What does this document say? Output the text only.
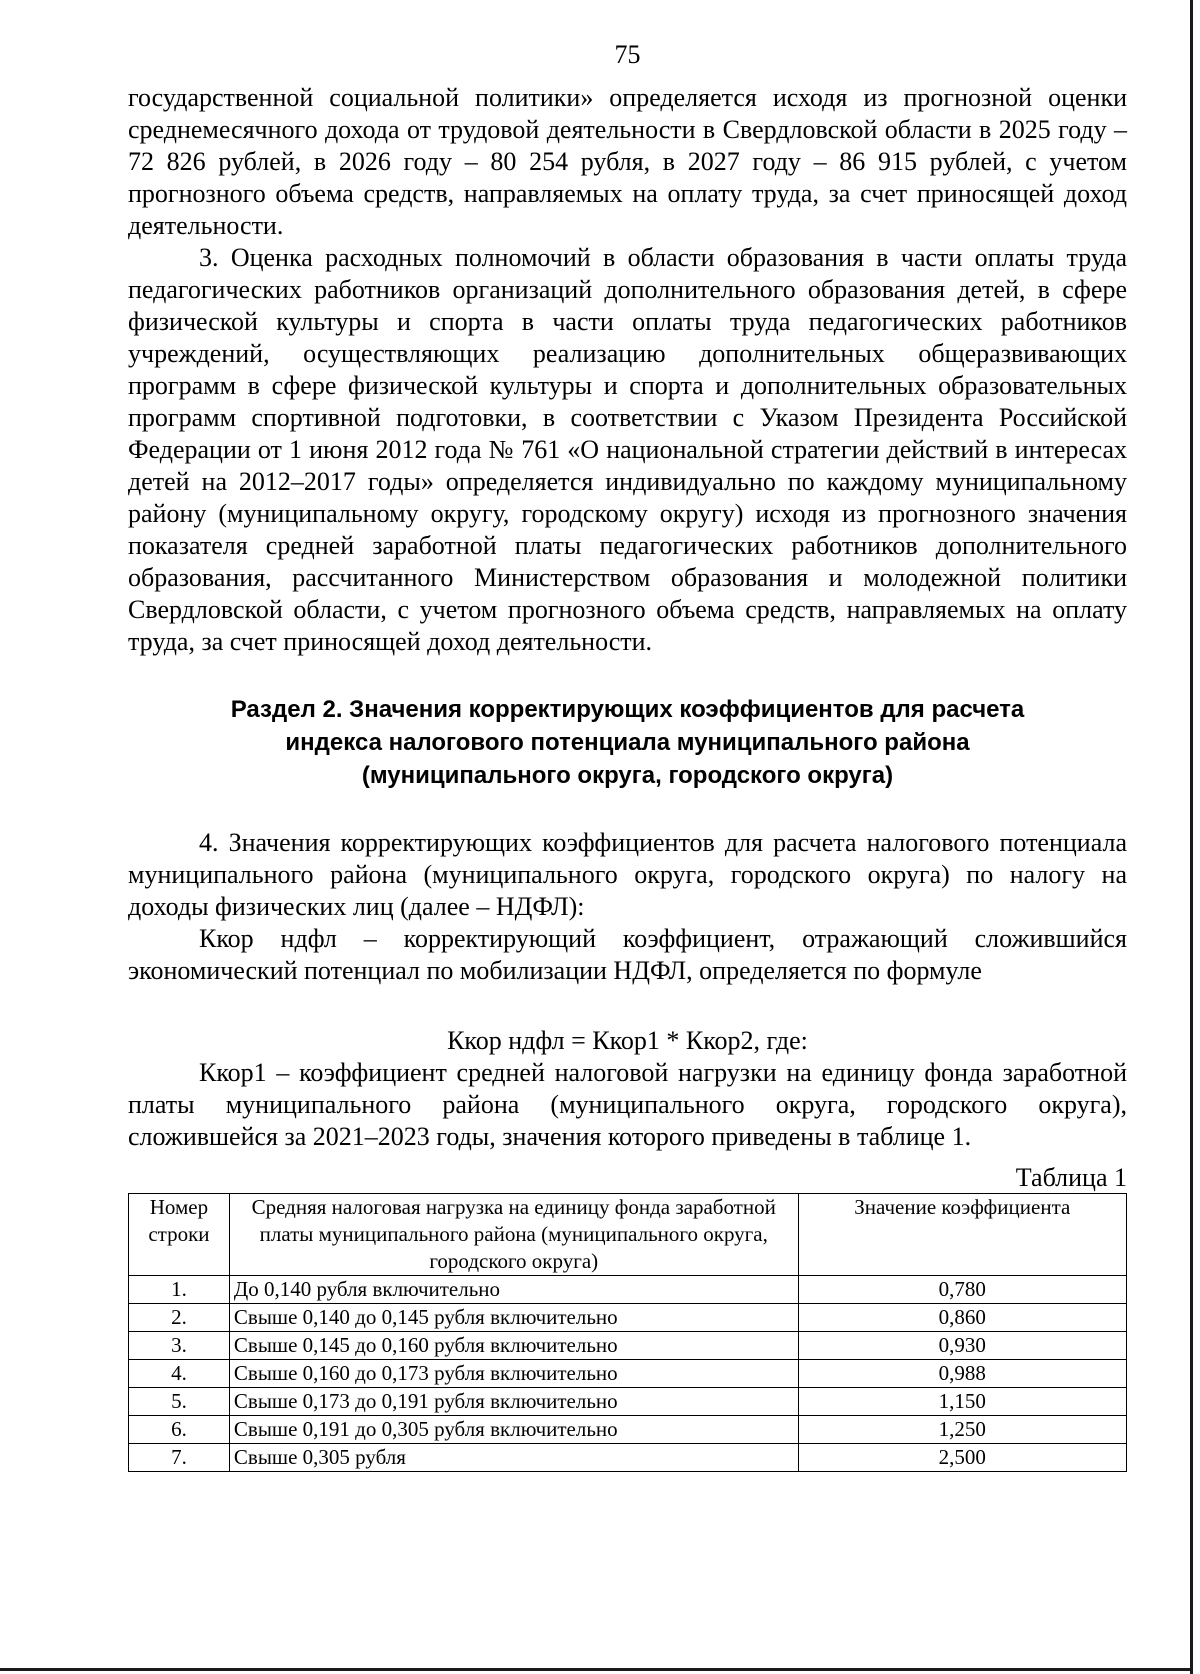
75

государственной социальной политики» определяется исходя из прогнозной оценки среднемесячного дохода от трудовой деятельности в Свердловской области в 2025 году – 72 826 рублей, в 2026 году – 80 254 рубля, в 2027 году – 86 915 рублей, с учетом прогнозного объема средств, направляемых на оплату труда, за счет приносящей доход деятельности.

3. Оценка расходных полномочий в области образования в части оплаты труда педагогических работников организаций дополнительного образования детей, в сфере физической культуры и спорта в части оплаты труда педагогических работников учреждений, осуществляющих реализацию дополнительных общеразвивающих программ в сфере физической культуры и спорта и дополнительных образовательных программ спортивной подготовки, в соответствии с Указом Президента Российской Федерации от 1 июня 2012 года № 761 «О национальной стратегии действий в интересах детей на 2012–2017 годы» определяется индивидуально по каждому муниципальному району (муниципальному округу, городскому округу) исходя из прогнозного значения показателя средней заработной платы педагогических работников дополнительного образования, рассчитанного Министерством образования и молодежной политики Свердловской области, с учетом прогнозного объема средств, направляемых на оплату труда, за счет приносящей доход деятельности.

Раздел 2. Значения корректирующих коэффициентов для расчета
индекса налогового потенциала муниципального района
(муниципального округа, городского округа)

4. Значения корректирующих коэффициентов для расчета налогового потенциала муниципального района (муниципального округа, городского округа) по налогу на доходы физических лиц (далее – НДФЛ):

Ккор ндфл – корректирующий коэффициент, отражающий сложившийся экономический потенциал по мобилизации НДФЛ, определяется по формуле

Ккор ндфл = Ккор1 * Ккор2, где:

Ккор1 – коэффициент средней налоговой нагрузки на единицу фонда заработной платы муниципального района (муниципального округа, городского округа), сложившейся за 2021–2023 годы, значения которого приведены в таблице 1.

Таблица 1

Номер строки	Средняя налоговая нагрузка на единицу фонда заработной платы муниципального района (муниципального округа, городского округа)	Значение коэффициента
1.	До 0,140 рубля включительно	0,780
2.	Свыше 0,140 до 0,145 рубля включительно	0,860
3.	Свыше 0,145 до 0,160 рубля включительно	0,930
4.	Свыше 0,160 до 0,173 рубля включительно	0,988
5.	Свыше 0,173 до 0,191 рубля включительно	1,150
6.	Свыше 0,191 до 0,305 рубля включительно	1,250
7.	Свыше 0,305 рубля	2,500
